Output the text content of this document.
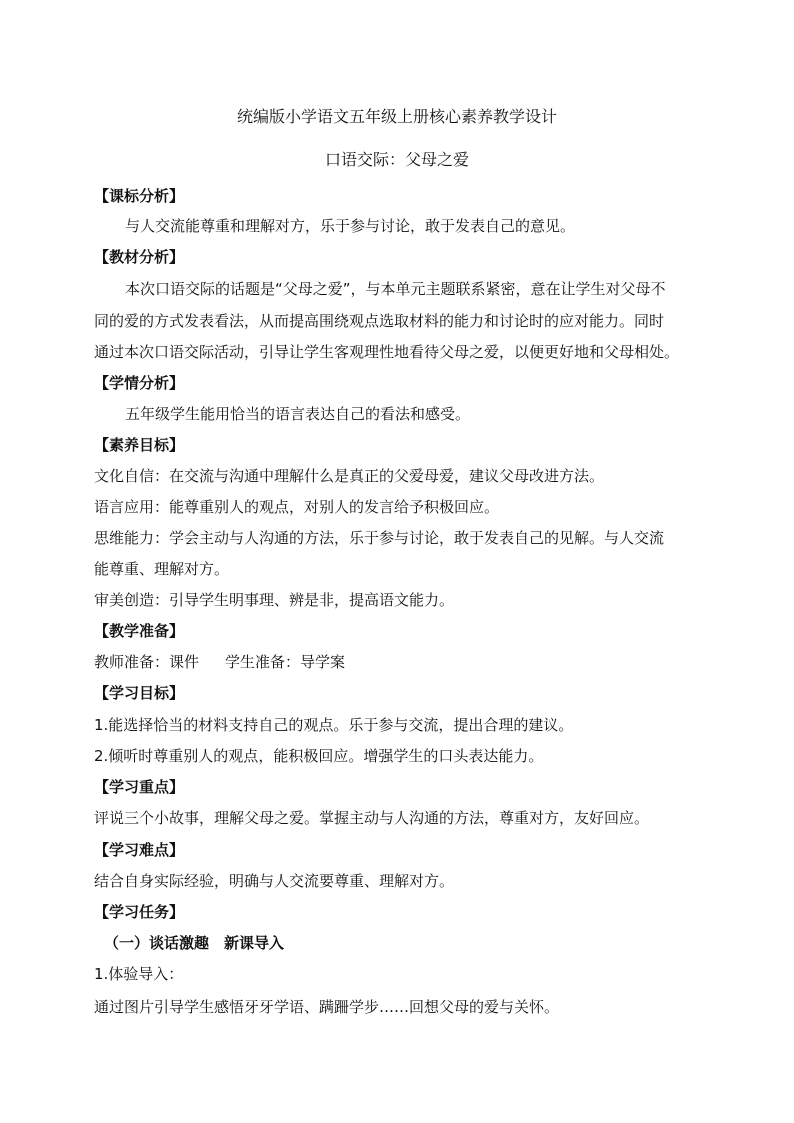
统编版小学语文五年级上册核心素养教学设计
口语交际：父母之爱
【课标分析】
与人交流能尊重和理解对方，乐于参与讨论，敢于发表自己的意见。
【教材分析】
本次口语交际的话题是“父母之爱”，与本单元主题联系紧密，意在让学生对父母不
同的爱的方式发表看法，从而提高围绕观点选取材料的能力和讨论时的应对能力。同时
通过本次口语交际活动，引导让学生客观理性地看待父母之爱，以便更好地和父母相处。
【学情分析】
五年级学生能用恰当的语言表达自己的看法和感受。
【素养目标】
文化自信：在交流与沟通中理解什么是真正的父爱母爱，建议父母改进方法。
语言应用：能尊重别人的观点，对别人的发言给予积极回应。
思维能力：学会主动与人沟通的方法，乐于参与讨论，敢于发表自己的见解。与人交流
能尊重、理解对方。
审美创造：引导学生明事理、辨是非，提高语文能力。
【教学准备】
教师准备：课件 学生准备：导学案
【学习目标】
1.能选择恰当的材料支持自己的观点。乐于参与交流，提出合理的建议。
2.倾听时尊重别人的观点，能积极回应。增强学生的口头表达能力。
【学习重点】
评说三个小故事，理解父母之爱。掌握主动与人沟通的方法，尊重对方，友好回应。
【学习难点】
结合自身实际经验，明确与人交流要尊重、理解对方。
【学习任务】
（一）谈话激趣　新课导入
1.体验导入：
通过图片引导学生感悟牙牙学语、蹒跚学步……回想父母的爱与关怀。
